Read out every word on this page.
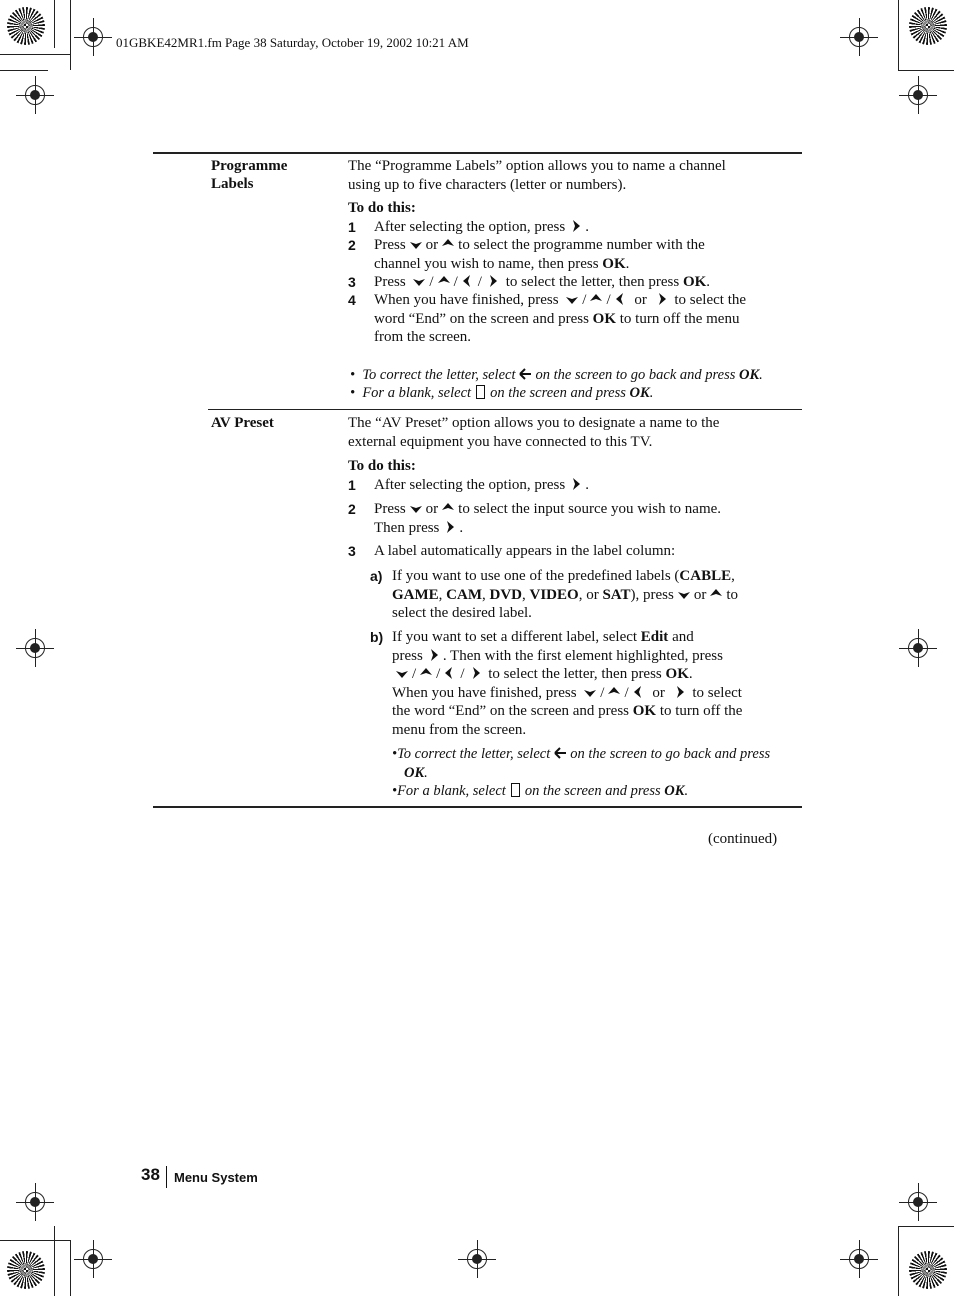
01GBKE42MR1.fm Page 38 Saturday, October 19, 2002 10:21 AM
Programme
Labels
The “Programme Labels” option allows you to name a channel
using up to five characters (letter or numbers).
To do this:
1 After selecting the option, press .
2 Press or to select the programme number with the
channel you wish to name, then press OK.
3 Press / / / to select the letter, then press OK.
4 When you have finished, press / / or to select the
word “End” on the screen and press OK to turn off the menu
from the screen.
• To correct the letter, select on the screen to go back and press OK.
• For a blank, select on the screen and press OK.
AV Preset	The “AV Preset” option allows you to designate a name to the
external equipment you have connected to this TV.
To do this:
1 After selecting the option, press .
2 Press or to select the input source you wish to name.
Then press .
3 A label automatically appears in the label column:
a) If you want to use one of the predefined labels (CABLE,
GAME, CAM, DVD, VIDEO, or SAT), press or to
select the desired label.
b) If you want to set a different label, select Edit and
press . Then with the first element highlighted, press
/ / / to select the letter, then press OK.
When you have finished, press / / or to select
the word “End” on the screen and press OK to turn off the
menu from the screen.
•To correct the letter, select on the screen to go back and press
OK.
•For a blank, select on the screen and press OK.
(continued)
38 Menu System
